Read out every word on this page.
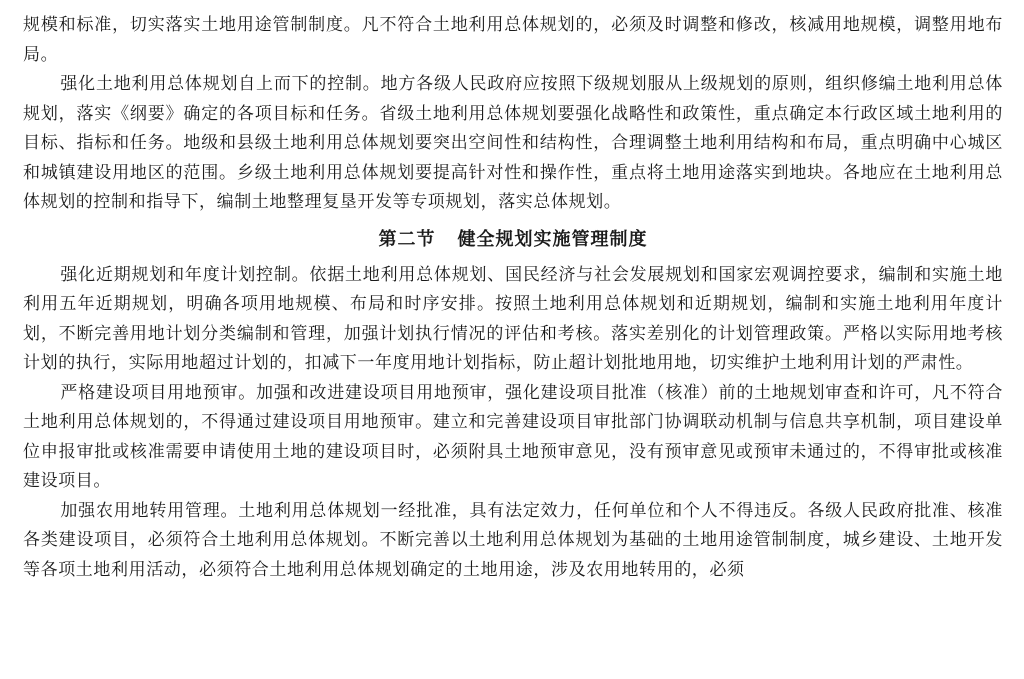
规模和标准，切实落实土地用途管制制度。凡不符合土地利用总体规划的，必须及时调整和修改，核减用地规模，调整用地布局。

强化土地利用总体规划自上而下的控制。地方各级人民政府应按照下级规划服从上级规划的原则，组织修编土地利用总体规划，落实《纲要》确定的各项目标和任务。省级土地利用总体规划要强化战略性和政策性，重点确定本行政区域土地利用的目标、指标和任务。地级和县级土地利用总体规划要突出空间性和结构性，合理调整土地利用结构和布局，重点明确中心城区和城镇建设用地区的范围。乡级土地利用总体规划要提高针对性和操作性，重点将土地用途落实到地块。各地应在土地利用总体规划的控制和指导下，编制土地整理复垦开发等专项规划，落实总体规划。

第二节 健全规划实施管理制度

强化近期规划和年度计划控制。依据土地利用总体规划、国民经济与社会发展规划和国家宏观调控要求，编制和实施土地利用五年近期规划，明确各项用地规模、布局和时序安排。按照土地利用总体规划和近期规划，编制和实施土地利用年度计划，不断完善用地计划分类编制和管理，加强计划执行情况的评估和考核。落实差别化的计划管理政策。严格以实际用地考核计划的执行，实际用地超过计划的，扣减下一年度用地计划指标，防止超计划批地用地，切实维护土地利用计划的严肃性。

严格建设项目用地预审。加强和改进建设项目用地预审，强化建设项目批准（核准）前的土地规划审查和许可，凡不符合土地利用总体规划的，不得通过建设项目用地预审。建立和完善建设项目审批部门协调联动机制与信息共享机制，项目建设单位申报审批或核准需要申请使用土地的建设项目时，必须附具土地预审意见，没有预审意见或预审未通过的，不得审批或核准建设项目。

加强农用地转用管理。土地利用总体规划一经批准，具有法定效力，任何单位和个人不得违反。各级人民政府批准、核准各类建设项目，必须符合土地利用总体规划。不断完善以土地利用总体规划为基础的土地用途管制制度，城乡建设、土地开发等各项土地利用活动，必须符合土地利用总体规划确定的土地用途，涉及农用地转用的，必须
